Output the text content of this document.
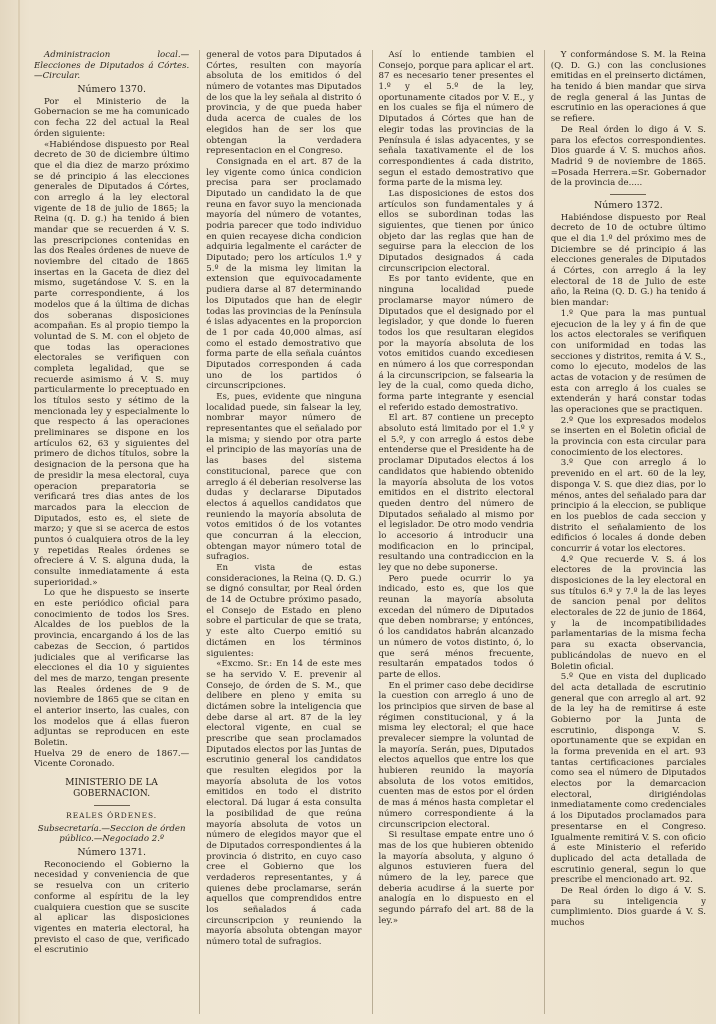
Administracion local.—Elecciones de Diputados á Córtes.—Circular.

Número 1370.

Por el Ministerio de la Gobernacion se me ha comunicado con fecha 22 del actual la Real órden siguiente:

«Habiéndose dispuesto por Real decreto de 30 de diciembre último que el dia diez de marzo próximo se dé principio á las elecciones generales de Diputados á Córtes, con arreglo á la ley electoral vigente de 18 de julio de 1865; la Reina (q. D. g.) ha tenido á bien mandar que se recuerden á V. S. las prescripciones contenidas en las dos Reales órdenes de nueve de noviembre del citado de 1865 insertas en la Gaceta de diez del mismo, sugetándose V. S. en la parte correspondiente, á los modelos que á la última de dichas dos soberanas disposiciones acompañan. Es al propio tiempo la voluntad de S. M. con el objeto de que todas las operaciones electorales se verifiquen con completa legalidad, que se recuerde asimismo á V. S. muy particularmente lo preceptuado en los títulos sesto y sétimo de la mencionada ley y especialmente lo que respecto á las operaciones preliminares se dispone en los artículos 62, 63 y siguientes del primero de dichos títulos, sobre la designacion de la persona que ha de presidir la mesa electoral, cuya operacion preparatoria se verificará tres dias antes de los marcados para la eleccion de Diputados, esto es, el siete de marzo; y que si se acerca de estos puntos ó cualquiera otros de la ley y repetidas Reales órdenes se ofreciere á V. S. alguna duda, la consulte inmediatamente á esta superioridad.»

Lo que he dispuesto se inserte en este periódico oficial para conocimiento de todos los Sres. Alcaldes de los pueblos de la provincia, encargando á los de las cabezas de Seccion, ó partidos judiciales que al verificarse las elecciones el dia 10 y siguientes del mes de marzo, tengan presente las Reales órdenes de 9 de noviembre de 1865 que se citan en el anterior inserto, las cuales, con los modelos que á ellas fueron adjuntas se reproducen en este Boletin.

Huelva 29 de enero de 1867.— Vicente Coronado.

MINISTERIO DE LA GOBERNACION.

REALES ÓRDENES.

Subsecretaría.—Seccion de órden público.—Negociado 2.º

Número 1371.

Reconociendo el Gobierno la necesidad y conveniencia de que se resuelva con un criterio conforme al espíritu de la ley cualquiera cuestion que se suscite al aplicar las disposiciones vigentes en materia electoral, ha previsto el caso de que, verificado el escrutinio

general de votos para Diputados á Córtes, resulten con mayoría absoluta de los emitidos ó del número de votantes mas Diputados de los que la ley señala al distrito ó provincia, y de que pueda haber duda acerca de cuales de los elegidos han de ser los que obtengan la verdadera representacion en el Congreso.

Consignada en el art. 87 de la ley vigente como única condicion precisa para ser proclamado Diputado un candidato la de que reuna en favor suyo la mencionada mayoría del número de votantes, podria parecer que todo individuo en quien recayese dicha condicion adquiria legalmente el carácter de Diputado; pero los artículos 1.º y 5.º de la misma ley limitan la extension que equivocadamente pudiera darse al 87 determinando los Diputados que han de elegir todas las provincias de la Península é islas adyacentes en la proporcion de 1 por cada 40,000 almas, así como el estado demostrativo que forma parte de ella señala cuántos Diputados corresponden á cada uno de los partidos ó circunscripciones.

Es, pues, evidente que ninguna localidad puede, sin falsear la ley, nombrar mayor número de representantes que el señalado por la misma; y siendo por otra parte el principio de las mayorías una de las bases del sistema constitucional, parece que con arreglo á él deberian resolverse las dudas y declararse Diputados electos á aquellos candidatos que reuniendo la mayoría absoluta de votos emitidos ó de los votantes que concurran á la eleccion, obtengan mayor número total de sufragios.

En vista de estas consideraciones, la Reina (Q. D. G.) se dignó consultar, por Real órden de 14 de Octubre próximo pasado, el Consejo de Estado en pleno sobre el particular de que se trata, y este alto Cuerpo emitió su dictámen en los términos siguientes:

«Excmo. Sr.: En 14 de este mes se ha servido V. E. prevenir al Consejo, de órden de S. M., que delibere en pleno y emita su dictámen sobre la inteligencia que debe darse al art. 87 de la ley electoral vigente, en cual se prescribe que sean proclamados Diputados electos por las Juntas de escrutinio general los candidatos que resulten elegidos por la mayoría absoluta de los votos emitidos en todo el distrito electoral. Dá lugar á esta consulta la posibilidad de que reúna mayoría absoluta de votos un número de elegidos mayor que el de Diputados correspondientes á la provincia ó distrito, en cuyo caso cree el Gobierno que los verdaderos representantes, y á quienes debe proclamarse, serán aquellos que comprendidos entre los señalados á cada circunscripcion y reuniendo la mayoría absoluta obtengan mayor número total de sufragios.

Así lo entiende tambien el Consejo, porque para aplicar el art. 87 es necesario tener presentes el 1.º y el 5.º de la ley, oportunamente citados por V. E., y en los cuales se fija el número de Diputados á Córtes que han de elegir todas las provincias de la Península é islas adyacentes, y se señala taxativamente el de los correspondientes á cada distrito, segun el estado demostrativo que forma parte de la misma ley.

Las disposiciones de estos dos artículos son fundamentales y á ellos se subordinan todas las siguientes, que tienen por único objeto dar las reglas que han de seguirse para la eleccion de los Diputados designados á cada circunscripcion electoral.

Es por tanto evidente, que en ninguna localidad puede proclamarse mayor número de Diputados que el designado por el legislador, y que donde lo fueren todos los que resultaran elegidos por la mayoría absoluta de los votos emitidos cuando excediesen en número á los que correspondan á la circunscripcion, se falsearia la ley de la cual, como queda dicho, forma parte integrante y esencial el referido estado demostrativo.

El art. 87 contiene un precepto absoluto está limitado por el 1.º y el 5.º, y con arreglo á estos debe entenderse que el Presidente ha de proclamar Diputados electos á los candidatos que habiendo obtenido la mayoría absoluta de los votos emitidos en el distrito electoral queden dentro del número de Diputados señalado al mismo por el legislador. De otro modo vendria lo accesorio á introducir una modificacion en lo principal, resultando una contradiccion en la ley que no debe suponerse.

Pero puede ocurrir lo ya indicado, esto es, que los que reunan la mayoría absoluta excedan del número de Diputados que deben nombrarse; y entónces, ó los candidatos habrán alcanzado un número de votos distinto, ó, lo que será ménos frecuente, resultarán empatados todos ó parte de ellos.

En el primer caso debe decidirse la cuestion con arreglo á uno de los principios que sirven de base al régimen constitucional, y á la misma ley electoral; el que hace prevalecer siempre la voluntad de la mayoría. Serán, pues, Diputados electos aquellos que entre los que hubieren reunido la mayoría absoluta de los votos emitidos, cuenten mas de estos por el órden de mas á ménos hasta completar el número correspondiente á la circunscripcion electoral.

Si resultase empate entre uno ó mas de los que hubieren obtenido la mayoría absoluta, y alguno ó algunos estuvieren fuera del número de la ley, parece que deberia acudirse á la suerte por analogía en lo dispuesto en el segundo párrafo del art. 88 de la ley.»

Y conformándose S. M. la Reina (Q. D. G.) con las conclusiones emitidas en el preinserto dictámen, ha tenido á bien mandar que sirva de regla general á las Juntas de escrutinio en las operaciones á que se refiere.

De Real órden lo digo á V. S. para los efectos correspondientes. Dios guarde á V. S. muchos años. Madrid 9 de noviembre de 1865. =Posada Herrera.=Sr. Gobernador de la provincia de.....

Número 1372.

Habiéndose dispuesto por Real decreto de 10 de octubre último que el dia 1.º del próximo mes de Diciembre se dé principio á las elecciones generales de Diputados á Córtes, con arreglo á la ley electoral de 18 de Julio de este año, la Reina (Q. D. G.) ha tenido á bien mandar:

1.º Que para la mas puntual ejecucion de la ley y á fin de que los actos electorales se verifiquen con uniformidad en todas las secciones y distritos, remita á V. S., como lo ejecuto, modelos de las actas de votacion y de resúmen de esta con arreglo á los cuales se extenderán y hará constar todas las operaciones que se practiquen.

2.º Que los expresados modelos se inserten en el Boletin oficial de la provincia con esta circular para conocimiento de los electores.

3.º Que con arreglo á lo prevenido en el art. 60 de la ley, disponga V. S. que diez dias, por lo ménos, antes del señalado para dar principio á la eleccion, se publique en los pueblos de cada seccion y distrito el señalamiento de los edificios ó locales á donde deben concurrir á votar los electores.

4.º Que recuerde V. S. á los electores de la provincia las disposiciones de la ley electoral en sus títulos 6.º y 7.º la de las leyes de sancion penal por delitos electorales de 22 de junio de 1864, y la de incompatibilidades parlamentarias de la misma fecha para su exacta observancia, publicándolas de nuevo en el Boletin oficial.

5.º Que en vista del duplicado del acta detallada de escrutinio general que con arreglo al art. 92 de la ley ha de remitirse á este Gobierno por la Junta de escrutinio, disponga V. S. oportunamente que se expidan en la forma prevenida en el art. 93 tantas certificaciones parciales como sea el número de Diputados electos por la demarcacion electoral, dirigiéndolas inmediatamente como credenciales á los Diputados proclamados para presentarse en el Congreso. Igualmente remitirá V. S. con oficio á este Ministerio el referido duplicado del acta detallada de escrutinio general, segun lo que prescribe el mencionado art. 92.

De Real órden lo digo á V. S. para su inteligencia y cumplimiento. Dios guarde á V. S. muchos
